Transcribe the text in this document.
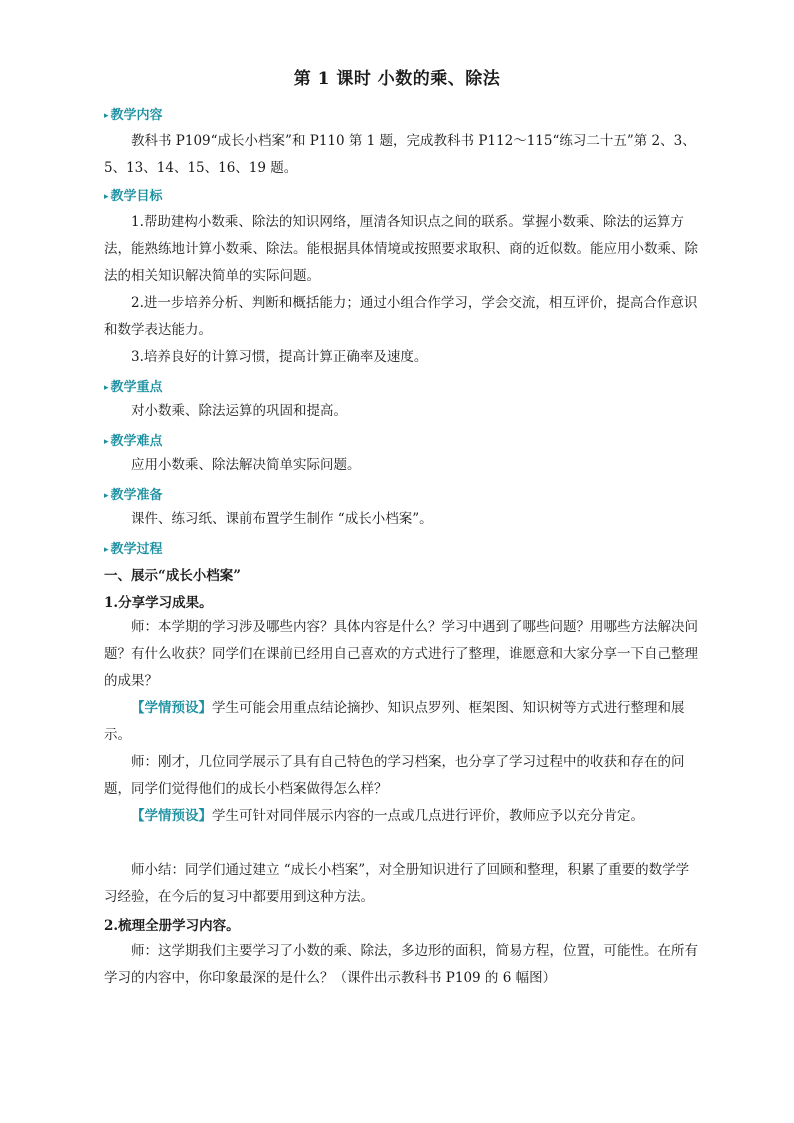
第 1 课时 小数的乘、除法
▸ 教学内容
教科书 P109“成长小档案”和 P110 第 1 题，完成教科书 P112～115“练习二十五”第 2、3、5、13、14、15、16、19 题。
▸ 教学目标
1.帮助建构小数乘、除法的知识网络，厘清各知识点之间的联系。掌握小数乘、除法的运算方法，能熟练地计算小数乘、除法。能根据具体情境或按照要求取积、商的近似数。能应用小数乘、除法的相关知识解决简单的实际问题。
2.进一步培养分析、判断和概括能力；通过小组合作学习，学会交流，相互评价，提高合作意识和数学表达能力。
3.培养良好的计算习惯，提高计算正确率及速度。
▸ 教学重点
对小数乘、除法运算的巩固和提高。
▸ 教学难点
应用小数乘、除法解决简单实际问题。
▸ 教学准备
课件、练习纸、课前布置学生制作 “成长小档案”。
▸ 教学过程
一、展示“成长小档案”
1.分享学习成果。
师：本学期的学习涉及哪些内容？具体内容是什么？学习中遇到了哪些问题？用哪些方法解决问题？有什么收获？同学们在课前已经用自己喜欢的方式进行了整理，谁愿意和大家分享一下自己整理的成果？
【学情预设】学生可能会用重点结论摘抄、知识点罗列、框架图、知识树等方式进行整理和展示。
师：刚才，几位同学展示了具有自己特色的学习档案，也分享了学习过程中的收获和存在的问题，同学们觉得他们的成长小档案做得怎么样？
【学情预设】学生可针对同伴展示内容的一点或几点进行评价，教师应予以充分肯定。
师小结：同学们通过建立 “成长小档案”，对全册知识进行了回顾和整理，积累了重要的数学学习经验，在今后的复习中都要用到这种方法。
2.梳理全册学习内容。
师：这学期我们主要学习了小数的乘、除法，多边形的面积，简易方程，位置，可能性。在所有学习的内容中，你印象最深的是什么？（课件出示教科书 P109 的 6 幅图）
